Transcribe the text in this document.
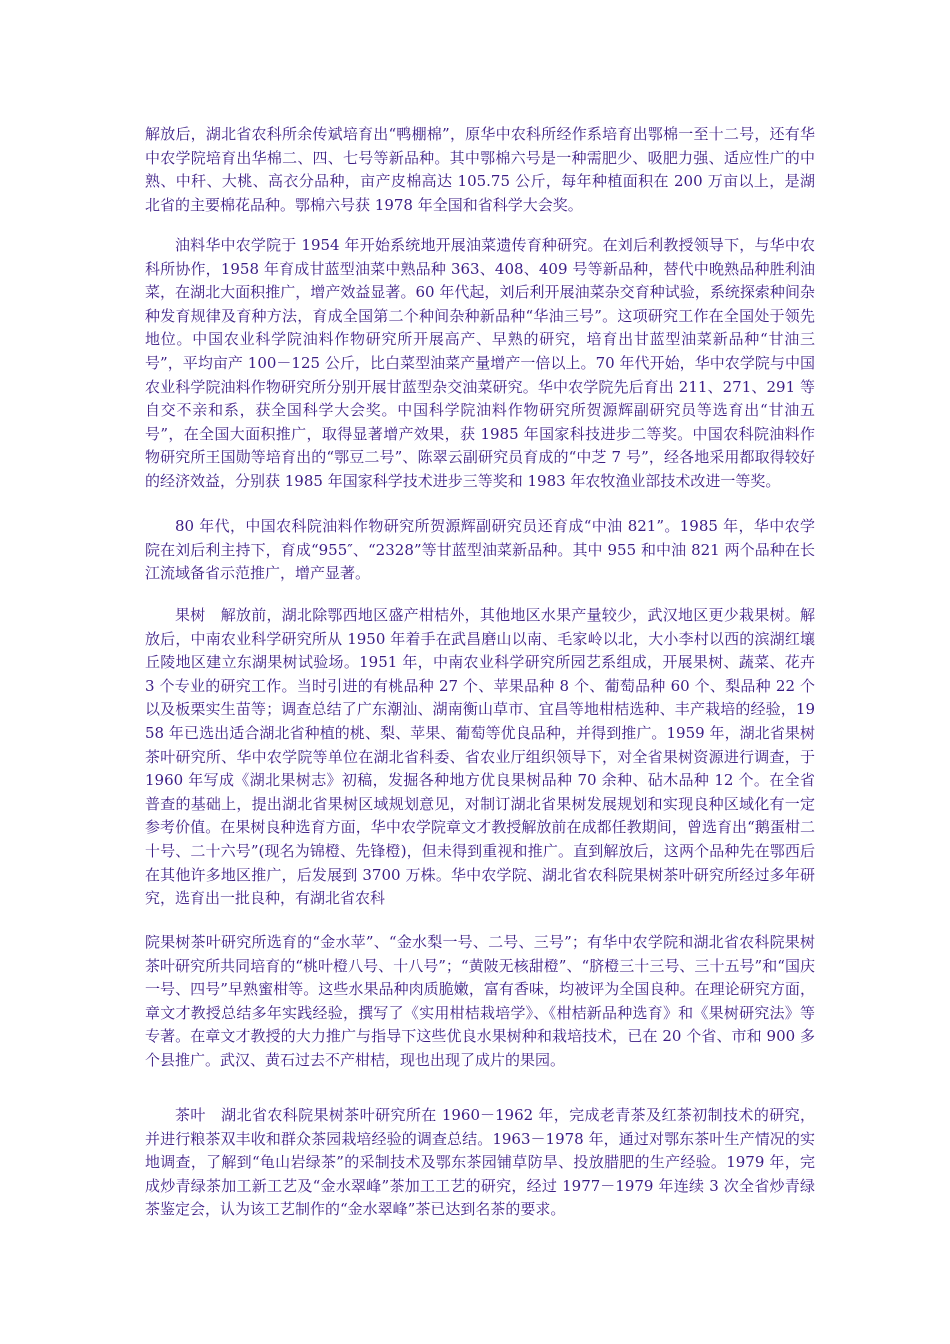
解放后，湖北省农科所余传斌培育出“鸭棚棉”，原华中农科所经作系培育出鄂棉一至十二号，还有华中农学院培育出华棉二、四、七号等新品种。其中鄂棉六号是一种需肥少、吸肥力强、适应性广的中熟、中秆、大桃、高衣分品种，亩产皮棉高达 105.75 公斤，每年种植面积在 200 万亩以上，是湖北省的主要棉花品种。鄂棉六号获 1978 年全国和省科学大会奖。

油料华中农学院于 1954 年开始系统地开展油菜遗传育种研究。在刘后利教授领导下，与华中农科所协作，1958 年育成甘蓝型油菜中熟品种 363、408、409 号等新品种，替代中晚熟品种胜利油菜，在湖北大面积推广，增产效益显著。60 年代起，刘后利开展油菜杂交育种试验，系统探索种间杂种发育规律及育种方法，育成全国第二个种间杂种新品种“华油三号”。这项研究工作在全国处于领先地位。中国农业科学院油料作物研究所开展高产、早熟的研究，培育出甘蓝型油菜新品种“甘油三号”，平均亩产 100－125 公斤，比白菜型油菜产量增产一倍以上。70 年代开始，华中农学院与中国农业科学院油料作物研究所分别开展甘蓝型杂交油菜研究。华中农学院先后育出 211、271、291 等自交不亲和系，获全国科学大会奖。中国科学院油料作物研究所贺源辉副研究员等选育出“甘油五号”，在全国大面积推广，取得显著增产效果，获 1985 年国家科技进步二等奖。中国农科院油料作物研究所王国勋等培育出的“鄂豆二号”、陈翠云副研究员育成的“中芝 7 号”，经各地采用都取得较好的经济效益，分别获 1985 年国家科学技术进步三等奖和 1983 年农牧渔业部技术改进一等奖。

80 年代，中国农科院油料作物研究所贺源辉副研究员还育成“中油 821”。1985 年，华中农学院在刘后利主持下，育成“955″、“2328”等甘蓝型油菜新品种。其中 955 和中油 821 两个品种在长江流域备省示范推广，增产显著。

果树　解放前，湖北除鄂西地区盛产柑桔外，其他地区水果产量较少，武汉地区更少栽果树。解放后，中南农业科学研究所从 1950 年着手在武昌磨山以南、毛家岭以北，大小李村以西的滨湖红壤丘陵地区建立东湖果树试验场。1951 年，中南农业科学研究所园艺系组成，开展果树、蔬菜、花卉 3 个专业的研究工作。当时引进的有桃品种 27 个、苹果品种 8 个、葡萄品种 60 个、梨品种 22 个以及板栗实生苗等；调查总结了广东潮汕、湖南衡山草市、宜昌等地柑桔选种、丰产栽培的经验，1958 年已选出适合湖北省种植的桃、梨、苹果、葡萄等优良品种，并得到推广。1959 年，湖北省果树茶叶研究所、华中农学院等单位在湖北省科委、省农业厅组织领导下，对全省果树资源进行调查，于 1960 年写成《湖北果树志》初稿，发掘各种地方优良果树品种 70 余种、砧木品种 12 个。在全省普查的基础上，提出湖北省果树区域规划意见，对制订湖北省果树发展规划和实现良种区域化有一定参考价值。在果树良种选育方面，华中农学院章文才教授解放前在成都任教期间，曾选育出“鹅蛋柑二十号、二十六号”(现名为锦橙、先锋橙)，但未得到重视和推广。直到解放后，这两个品种先在鄂西后在其他许多地区推广，后发展到 3700 万株。华中农学院、湖北省农科院果树茶叶研究所经过多年研究，选育出一批良种，有湖北省农科

院果树茶叶研究所选育的“金水苹”、“金水梨一号、二号、三号”；有华中农学院和湖北省农科院果树茶叶研究所共同培育的“桃叶橙八号、十八号”；“黄陂无核甜橙”、“脐橙三十三号、三十五号”和“国庆一号、四号”早熟蜜柑等。这些水果品种肉质脆嫩，富有香味，均被评为全国良种。在理论研究方面，章文才教授总结多年实践经验，撰写了《实用柑桔栽培学》、《柑桔新品种选育》和《果树研究法》等专著。在章文才教授的大力推广与指导下这些优良水果树种和栽培技术，已在 20 个省、市和 900 多个县推广。武汉、黄石过去不产柑桔，现也出现了成片的果园。

茶叶　湖北省农科院果树茶叶研究所在 1960－1962 年，完成老青茶及红茶初制技术的研究，并进行粮茶双丰收和群众茶园栽培经验的调查总结。1963－1978 年，通过对鄂东茶叶生产情况的实地调查，了解到“龟山岩绿茶”的采制技术及鄂东茶园铺草防旱、投放腊肥的生产经验。1979 年，完成炒青绿茶加工新工艺及“金水翠峰”茶加工工艺的研究，经过 1977－1979 年连续 3 次全省炒青绿茶鉴定会，认为该工艺制作的“金水翠峰”茶已达到名茶的要求。
